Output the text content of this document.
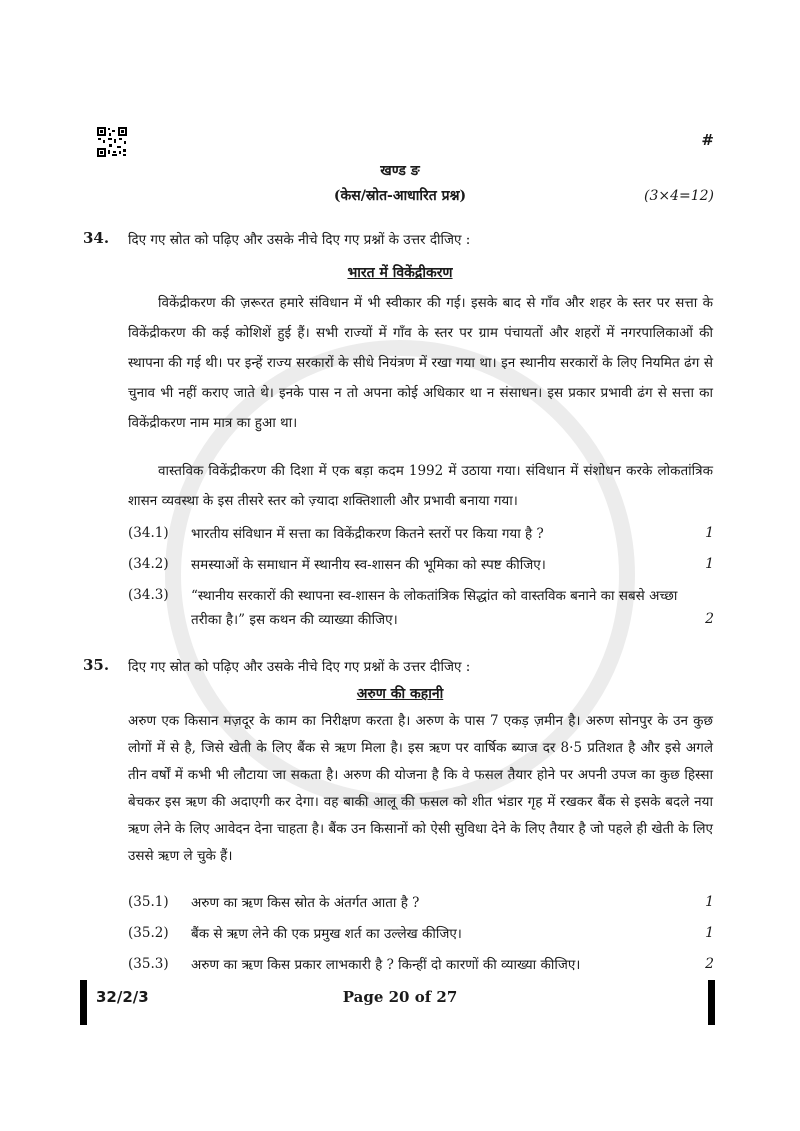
#
खण्ड ङ
(केस/स्रोत-आधारित प्रश्न)	(3×4=12)
34. दिए गए स्रोत को पढ़िए और उसके नीचे दिए गए प्रश्नों के उत्तर दीजिए :
भारत में विकेंद्रीकरण
विकेंद्रीकरण की ज़रूरत हमारे संविधान में भी स्वीकार की गई। इसके बाद से गाँव और शहर के स्तर पर सत्ता के विकेंद्रीकरण की कई कोशिशें हुई हैं। सभी राज्यों में गाँव के स्तर पर ग्राम पंचायतों और शहरों में नगरपालिकाओं की स्थापना की गई थी। पर इन्हें राज्य सरकारों के सीधे नियंत्रण में रखा गया था। इन स्थानीय सरकारों के लिए नियमित ढंग से चुनाव भी नहीं कराए जाते थे। इनके पास न तो अपना कोई अधिकार था न संसाधन। इस प्रकार प्रभावी ढंग से सत्ता का विकेंद्रीकरण नाम मात्र का हुआ था।
वास्तविक विकेंद्रीकरण की दिशा में एक बड़ा कदम 1992 में उठाया गया। संविधान में संशोधन करके लोकतांत्रिक शासन व्यवस्था के इस तीसरे स्तर को ज़्यादा शक्तिशाली और प्रभावी बनाया गया।
(34.1) भारतीय संविधान में सत्ता का विकेंद्रीकरण कितने स्तरों पर किया गया है ?	1
(34.2) समस्याओं के समाधान में स्थानीय स्व-शासन की भूमिका को स्पष्ट कीजिए।	1
(34.3) “स्थानीय सरकारों की स्थापना स्व-शासन के लोकतांत्रिक सिद्धांत को वास्तविक बनाने का सबसे अच्छा तरीका है।” इस कथन की व्याख्या कीजिए।	2
35. दिए गए स्रोत को पढ़िए और उसके नीचे दिए गए प्रश्नों के उत्तर दीजिए :
अरुण की कहानी
अरुण एक किसान मज़दूर के काम का निरीक्षण करता है। अरुण के पास 7 एकड़ ज़मीन है। अरुण सोनपुर के उन कुछ लोगों में से है, जिसे खेती के लिए बैंक से ऋण मिला है। इस ऋण पर वार्षिक ब्याज दर 8·5 प्रतिशत है और इसे अगले तीन वर्षों में कभी भी लौटाया जा सकता है। अरुण की योजना है कि वे फसल तैयार होने पर अपनी उपज का कुछ हिस्सा बेचकर इस ऋण की अदाएगी कर देगा। वह बाकी आलू की फसल को शीत भंडार गृह में रखकर बैंक से इसके बदले नया ऋण लेने के लिए आवेदन देना चाहता है। बैंक उन किसानों को ऐसी सुविधा देने के लिए तैयार है जो पहले ही खेती के लिए उससे ऋण ले चुके हैं।
(35.1) अरुण का ऋण किस स्रोत के अंतर्गत आता है ?	1
(35.2) बैंक से ऋण लेने की एक प्रमुख शर्त का उल्लेख कीजिए।	1
(35.3) अरुण का ऋण किस प्रकार लाभकारी है ? किन्हीं दो कारणों की व्याख्या कीजिए।	2
32/2/3	Page 20 of 27
